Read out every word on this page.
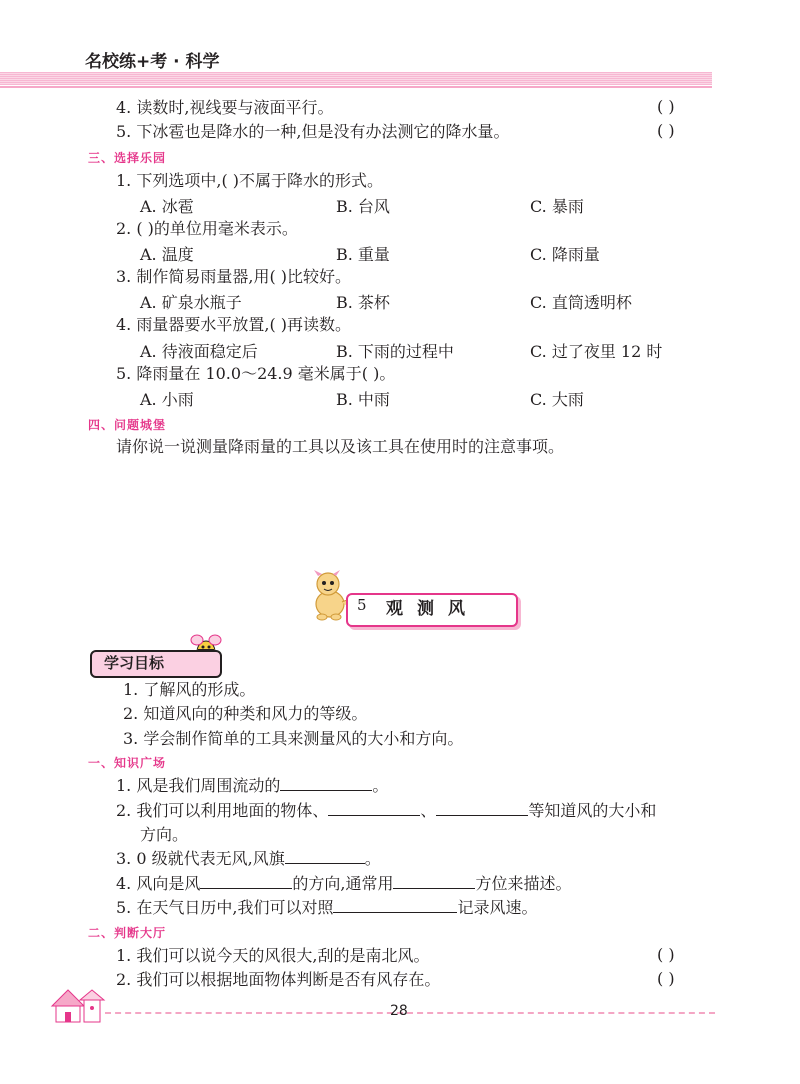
名校练+考 · 科学
4. 读数时,视线要与液面平行。	( )
5. 下冰雹也是降水的一种,但是没有办法测它的降水量。	( )
三、选择乐园
1. 下列选项中,( )不属于降水的形式。
A. 冰雹	B. 台风	C. 暴雨
2. ( )的单位用毫米表示。
A. 温度	B. 重量	C. 降雨量
3. 制作简易雨量器,用( )比较好。
A. 矿泉水瓶子	B. 茶杯	C. 直筒透明杯
4. 雨量器要水平放置,( )再读数。
A. 待液面稳定后	B. 下雨的过程中	C. 过了夜里 12 时
5. 降雨量在 10.0～24.9 毫米属于( )。
A. 小雨	B. 中雨	C. 大雨
四、问题城堡
请你说一说测量降雨量的工具以及该工具在使用时的注意事项。
5 观测风
学习目标
1. 了解风的形成。
2. 知道风向的种类和风力的等级。
3. 学会制作简单的工具来测量风的大小和方向。
一、知识广场
1. 风是我们周围流动的	。
2. 我们可以利用地面的物体、	、	等知道风的大小和
方向。
3. 0 级就代表无风,风旗	。
4. 风向是风	的方向,通常用	方位来描述。
5. 在天气日历中,我们可以对照	记录风速。
二、判断大厅
1. 我们可以说今天的风很大,刮的是南北风。	( )
2. 我们可以根据地面物体判断是否有风存在。	( )
28
